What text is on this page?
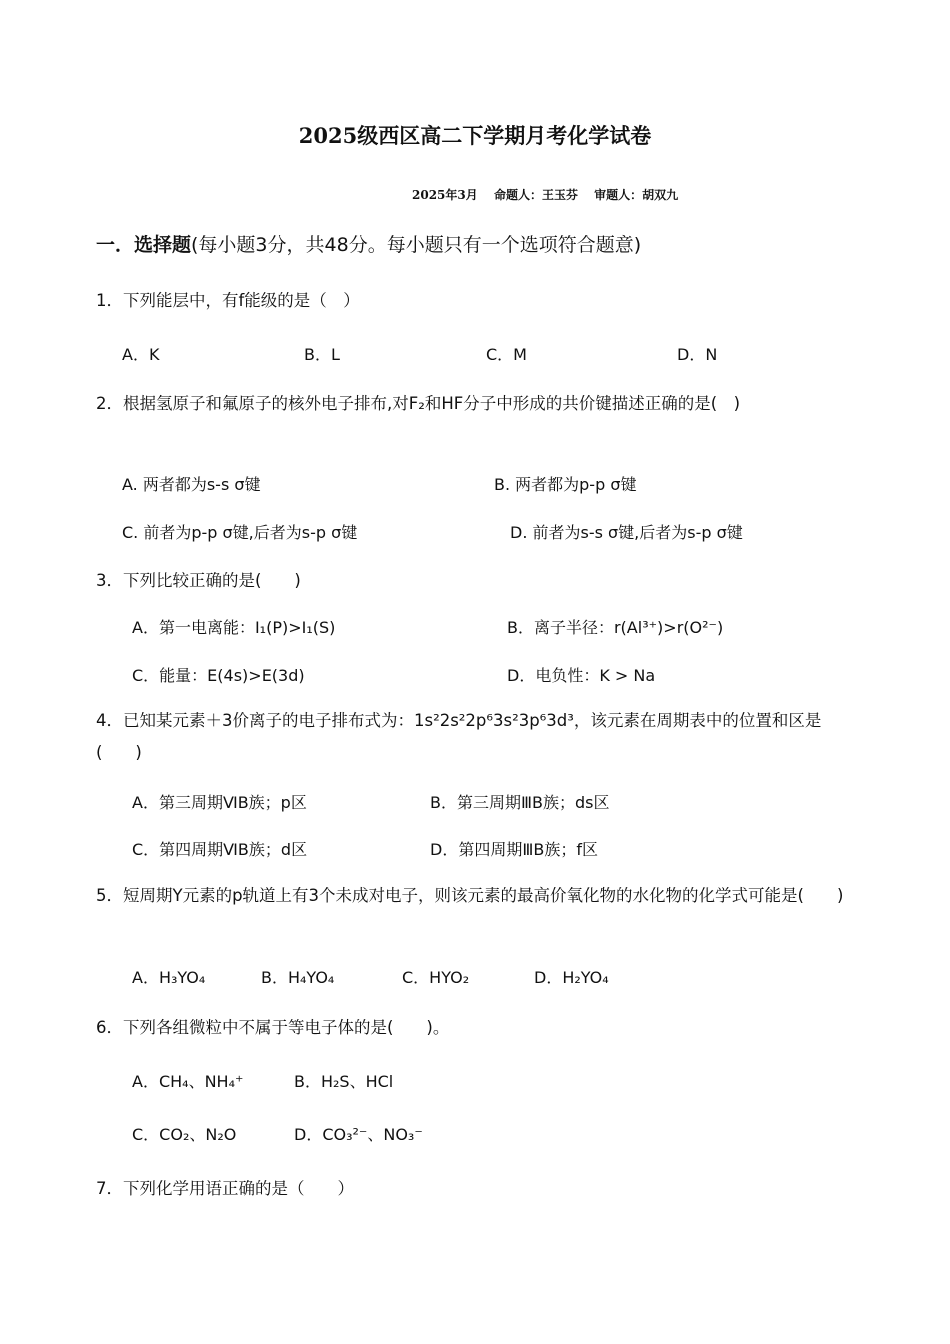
2025级西区高二下学期月考化学试卷
2025年3月 命题人：王玉芬 审题人：胡双九
一．选择题(每小题3分，共48分。每小题只有一个选项符合题意)
1．下列能层中，有f能级的是（　）
A．K	B．L	C．M	D．N
2．根据氢原子和氟原子的核外电子排布,对F₂和HF分子中形成的共价键描述正确的是(　)
A. 两者都为s-s σ键	B. 两者都为p-p σ键
C. 前者为p-p σ键,后者为s-p σ键	D. 前者为s-s σ键,后者为s-p σ键
3．下列比较正确的是(　　)
A．第一电离能：I₁(P)>I₁(S)	B．离子半径：r(Al³⁺)>r(O²⁻)
C．能量：E(4s)>E(3d)	D．电负性：K > Na
4．已知某元素＋3价离子的电子排布式为：1s²2s²2p⁶3s²3p⁶3d³，该元素在周期表中的位置和区是(　　)
A．第三周期ⅥB族；p区	B．第三周期ⅢB族；ds区
C．第四周期ⅥB族；d区	D．第四周期ⅢB族；f区
5．短周期Y元素的p轨道上有3个未成对电子，则该元素的最高价氧化物的水化物的化学式可能是(　　)
A．H₃YO₄	B．H₄YO₄	C．HYO₂	D．H₂YO₄
6．下列各组微粒中不属于等电子体的是(　　)。
A．CH₄、NH₄⁺	B．H₂S、HCl
C．CO₂、N₂O	D．CO₃²⁻、NO₃⁻
7．下列化学用语正确的是（　　）
